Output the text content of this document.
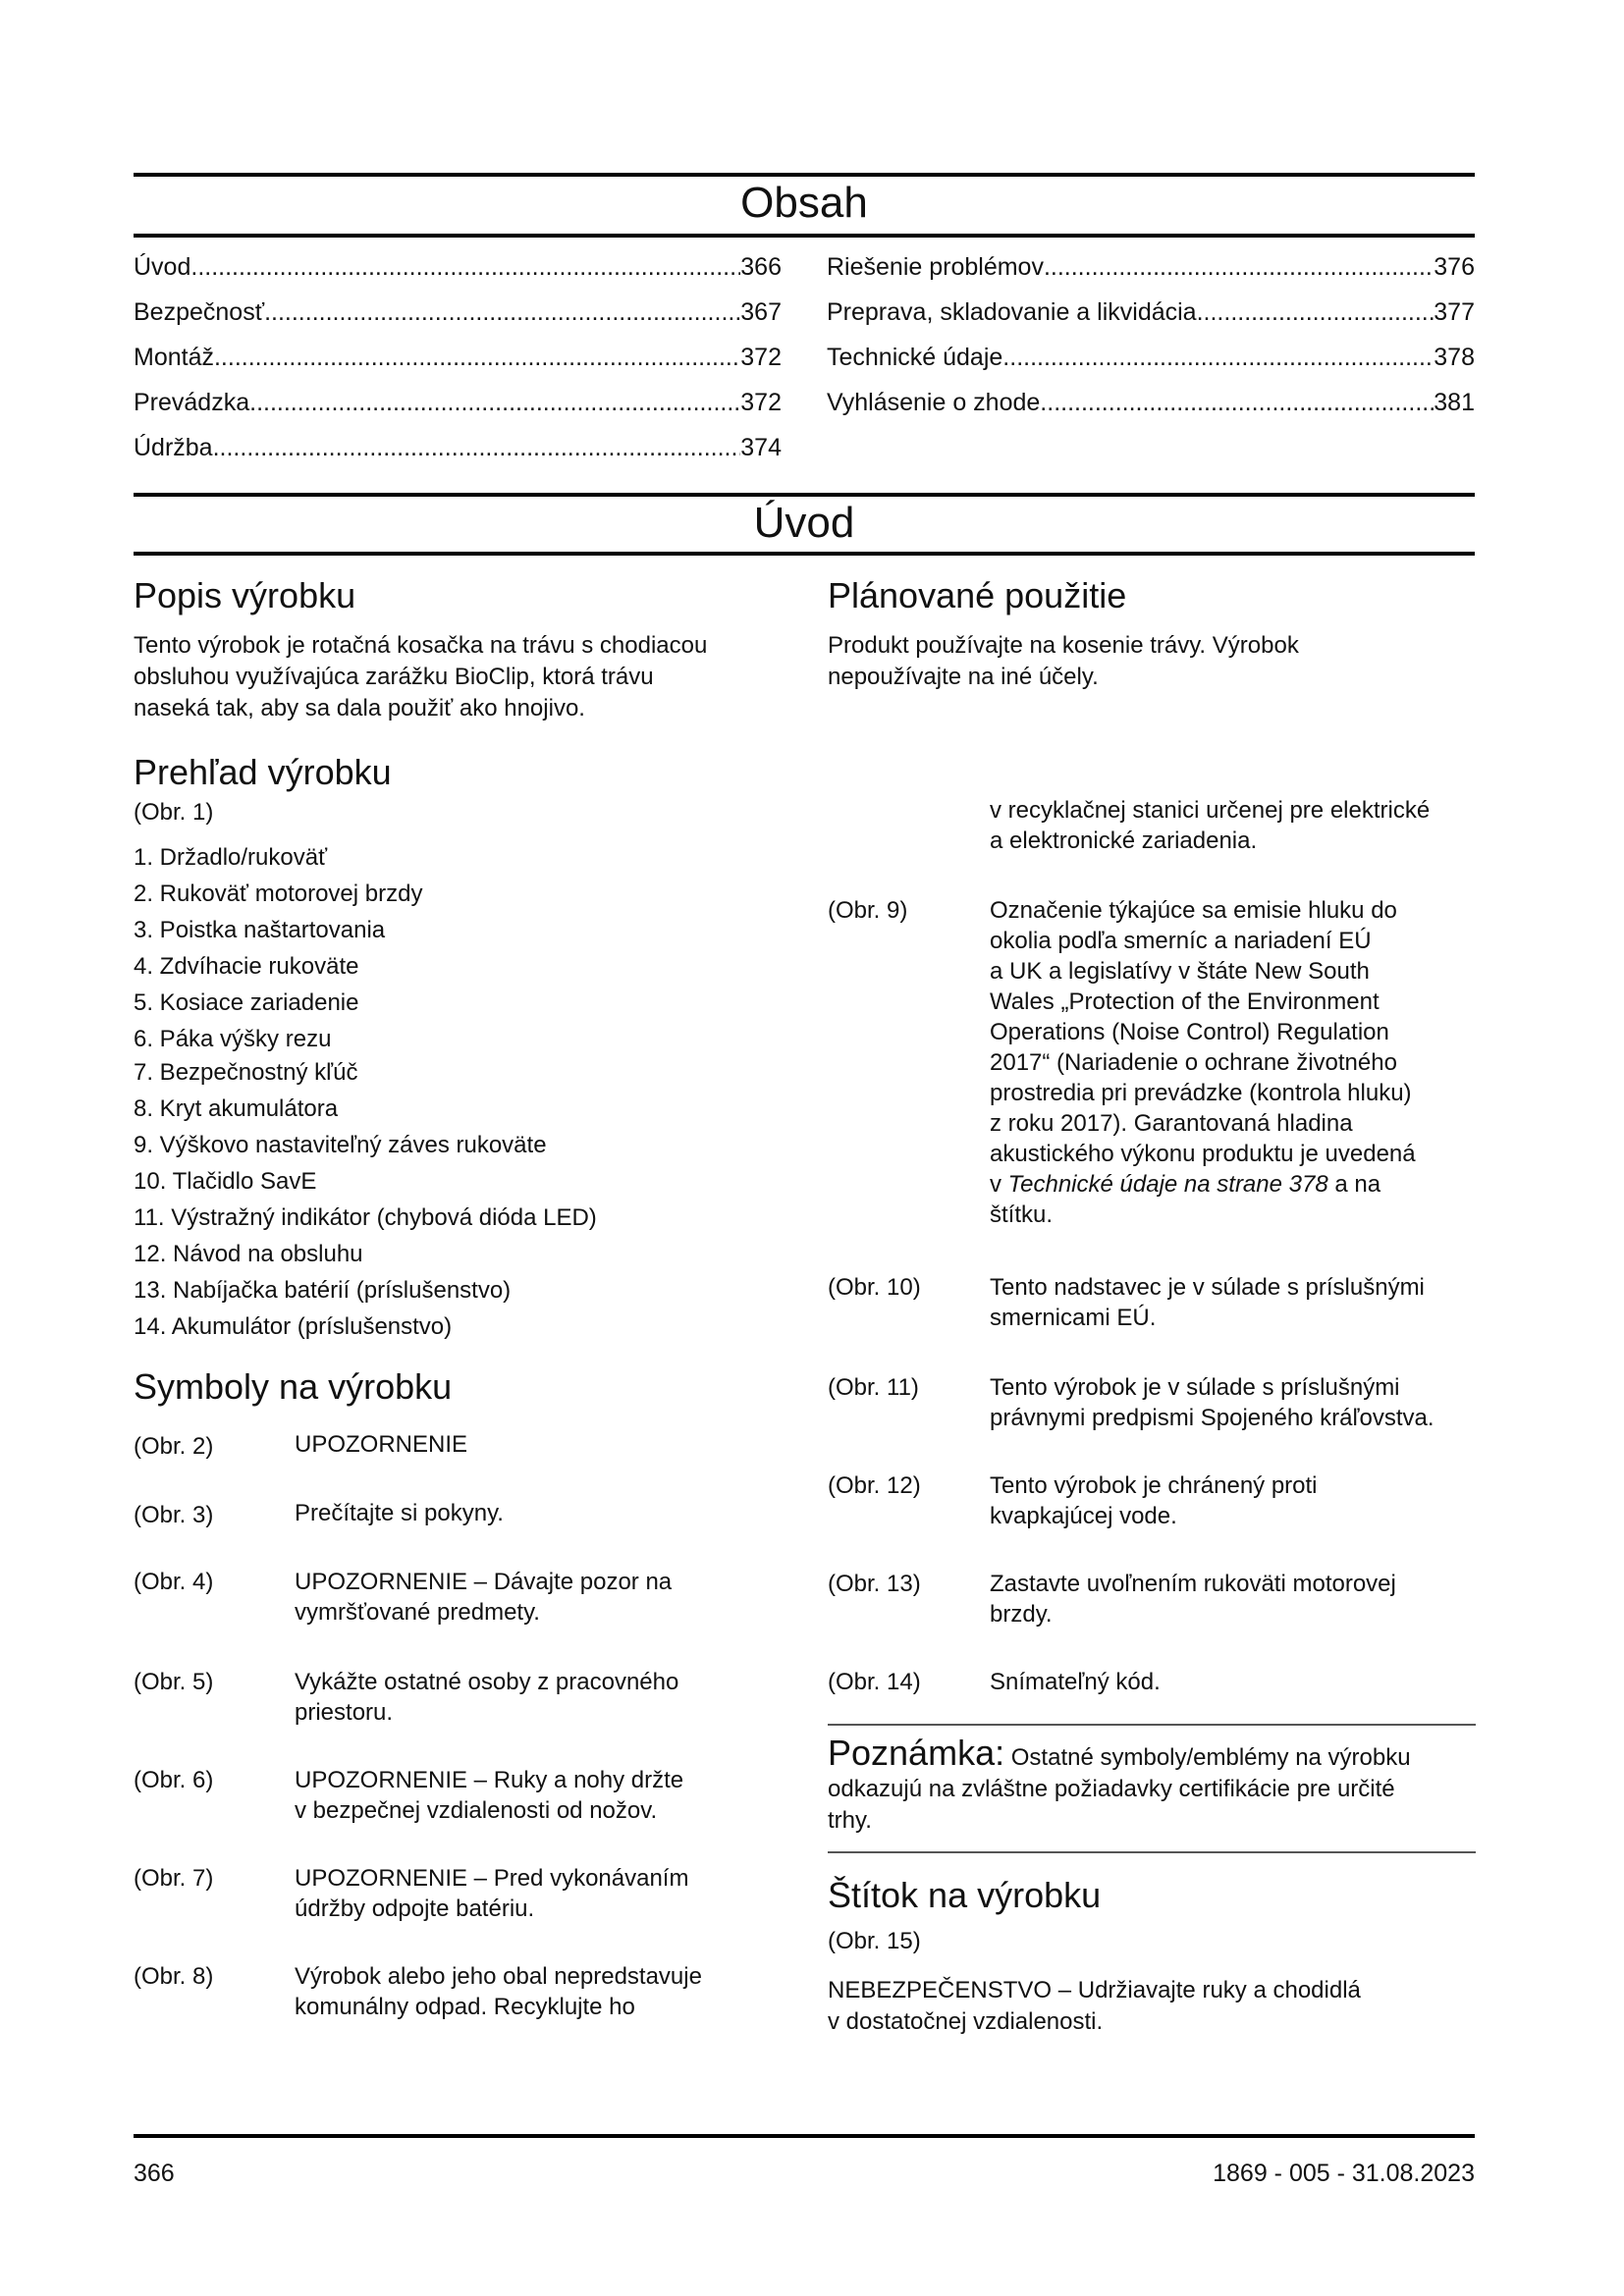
Obsah
Úvod .....	366
Bezpečnosť .....	367
Montáž .....	372
Prevádzka .....	372
Údržba .....	374
Riešenie problémov .....	376
Preprava, skladovanie a likvidácia .....	377
Technické údaje .....	378
Vyhlásenie o zhode .....	381
Úvod
Popis výrobku
Tento výrobok je rotačná kosačka na trávu s chodiacou
obsluhou využívajúca zarážku BioClip, ktorá trávu
naseká tak, aby sa dala použiť ako hnojivo.
Plánované použitie
Produkt používajte na kosenie trávy. Výrobok
nepoužívajte na iné účely.
Prehľad výrobku
(Obr. 1)
1. Držadlo/rukoväť
2. Rukoväť motorovej brzdy
3. Poistka naštartovania
4. Zdvíhacie rukoväte
5. Kosiace zariadenie
6. Páka výšky rezu
7. Bezpečnostný kľúč
8. Kryt akumulátora
9. Výškovo nastaviteľný záves rukoväte
10. Tlačidlo SavE
11. Výstražný indikátor (chybová dióda LED)
12. Návod na obsluhu
13. Nabíjačka batérií (príslušenstvo)
14. Akumulátor (príslušenstvo)
Symboly na výrobku
(Obr. 2)	UPOZORNENIE
(Obr. 3)	Prečítajte si pokyny.
(Obr. 4)	UPOZORNENIE – Dávajte pozor na
vymršťované predmety.
(Obr. 5)	Vykážte ostatné osoby z pracovného
priestoru.
(Obr. 6)	UPOZORNENIE – Ruky a nohy držte
v bezpečnej vzdialenosti od nožov.
(Obr. 7)	UPOZORNENIE – Pred vykonávaním
údržby odpojte batériu.
(Obr. 8)	Výrobok alebo jeho obal nepredstavuje
komunálny odpad. Recyklujte ho
v recyklačnej stanici určenej pre elektrické
a elektronické zariadenia.
(Obr. 9)	Označenie týkajúce sa emisie hluku do
okolia podľa smerníc a nariadení EÚ
a UK a legislatívy v štáte New South
Wales „Protection of the Environment
Operations (Noise Control) Regulation
2017“ (Nariadenie o ochrane životného
prostredia pri prevádzke (kontrola hluku)
z roku 2017). Garantovaná hladina
akustického výkonu produktu je uvedená
v Technické údaje na strane 378 a na
štítku.
(Obr. 10)	Tento nadstavec je v súlade s príslušnými
smernicami EÚ.
(Obr. 11)	Tento výrobok je v súlade s príslušnými
právnymi predpismi Spojeného kráľovstva.
(Obr. 12)	Tento výrobok je chránený proti
kvapkajúcej vode.
(Obr. 13)	Zastavte uvoľnením rukoväti motorovej
brzdy.
(Obr. 14)	Snímateľný kód.
Poznámka: Ostatné symboly/emblémy na výrobku
odkazujú na zvláštne požiadavky certifikácie pre určité
trhy.
Štítok na výrobku
(Obr. 15)
NEBEZPEČENSTVO – Udržiavajte ruky a chodidlá
v dostatočnej vzdialenosti.
366	1869 - 005 - 31.08.2023
